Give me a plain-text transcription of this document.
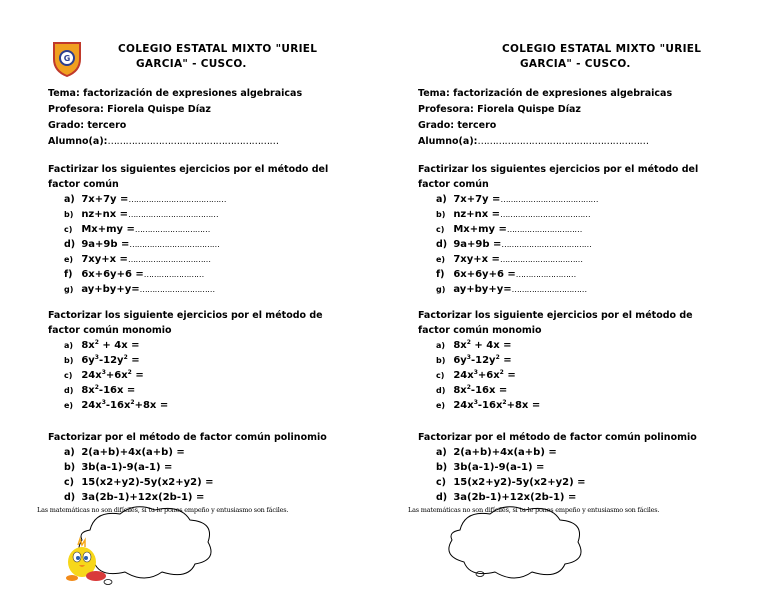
G
COLEGIO ESTATAL MIXTO "URIEL
GARCIA" - CUSCO.
Tema: factorización de expresiones algebraicas
Profesora: Fiorela Quispe Díaz
Grado: tercero
Alumno(a):…………………………………………………
Factirizar los siguientes ejercicios por el método del factor común
a) 7x+7y =…………………………………
b) nz+nx =………………………………
c) Mx+my =…………………………
d) 9a+9b =………………………………
e) 7xy+x =……………………………
f) 6x+6y+6 =……………………
g) ay+by+y=…………………………
Factorizar los siguiente ejercicios por el método de factor común monomio
a) $8x^2 + 4x$ =
b) $6y^3-12y^2$ =
c) $24x^3+6x^2$ =
d) $8x^2-16x$ =
e) $24x^3-16x^2+8x$ =
Factorizar por el método de factor común polinomio
a) 2(a+b)+4x(a+b) =
b) 3b(a-1)-9(a-1) =
c) 15(x2+y2)-5y(x2+y2) =
d) 3a(2b-1)+12x(2b-1) =
COLEGIO ESTATAL MIXTO "URIEL
GARCIA" - CUSCO.
Tema: factorización de expresiones algebraicas
Profesora: Fiorela Quispe Díaz
Grado: tercero
Alumno(a):…………………………………………………
Factirizar los siguientes ejercicios por el método del factor común
a) 7x+7y =…………………………………
b) nz+nx =………………………………
c) Mx+my =…………………………
d) 9a+9b =………………………………
e) 7xy+x =……………………………
f) 6x+6y+6 =……………………
g) ay+by+y=…………………………
Factorizar los siguiente ejercicios por el método de factor común monomio
a) $8x^2 + 4x$ =
b) $6y^3-12y^2$ =
c) $24x^3+6x^2$ =
d) $8x^2-16x$ =
e) $24x^3-16x^2+8x$ =
Factorizar por el método de factor común polinomio
a) 2(a+b)+4x(a+b) =
b) 3b(a-1)-9(a-1) =
c) 15(x2+y2)-5y(x2+y2) =
d) 3a(2b-1)+12x(2b-1) =
Las matemáticas no son difíciles, si tu le pones empeño y entusiasmo son fáciles.
Las matemáticas no son difíciles, si tu le pones empeño y entusiasmo son fáciles.
